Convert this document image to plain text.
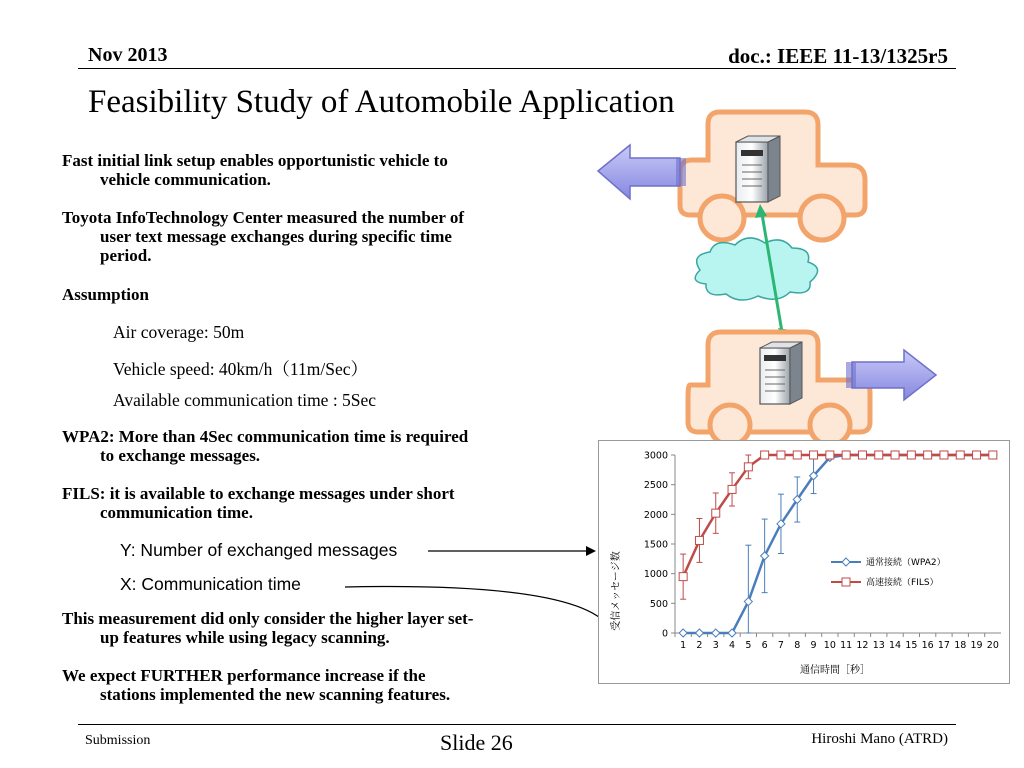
Nov 2013	doc.: IEEE 11-13/1325r5
Feasibility Study of Automobile Application
Fast initial link setup enables opportunistic vehicle to
vehicle communication.
Toyota InfoTechnology Center measured the number of
user text message exchanges during specific time
period.
Assumption
Air coverage: 50m
Vehicle speed: 40km/h（11m/Sec）
Available communication time : 5Sec
WPA2: More than 4Sec communication time is required
to exchange messages.
FILS: it is available to exchange messages under short
communication time.
Y: Number of exchanged messages
X: Communication time
This measurement did only consider the higher layer set-
up features while using legacy scanning.
We expect FURTHER performance increase if the
stations implemented the new scanning features.
0
500
1000
1500
2000
2500
3000
1 2 3 4 5 6 7 8 9 10 11 12 13 14 15 16 17 18 19 20
受信メッセージ数
通信時間［秒］
通常接続（WPA2）
高速接続（FILS）
Submission	Slide 26	Hiroshi Mano (ATRD)
